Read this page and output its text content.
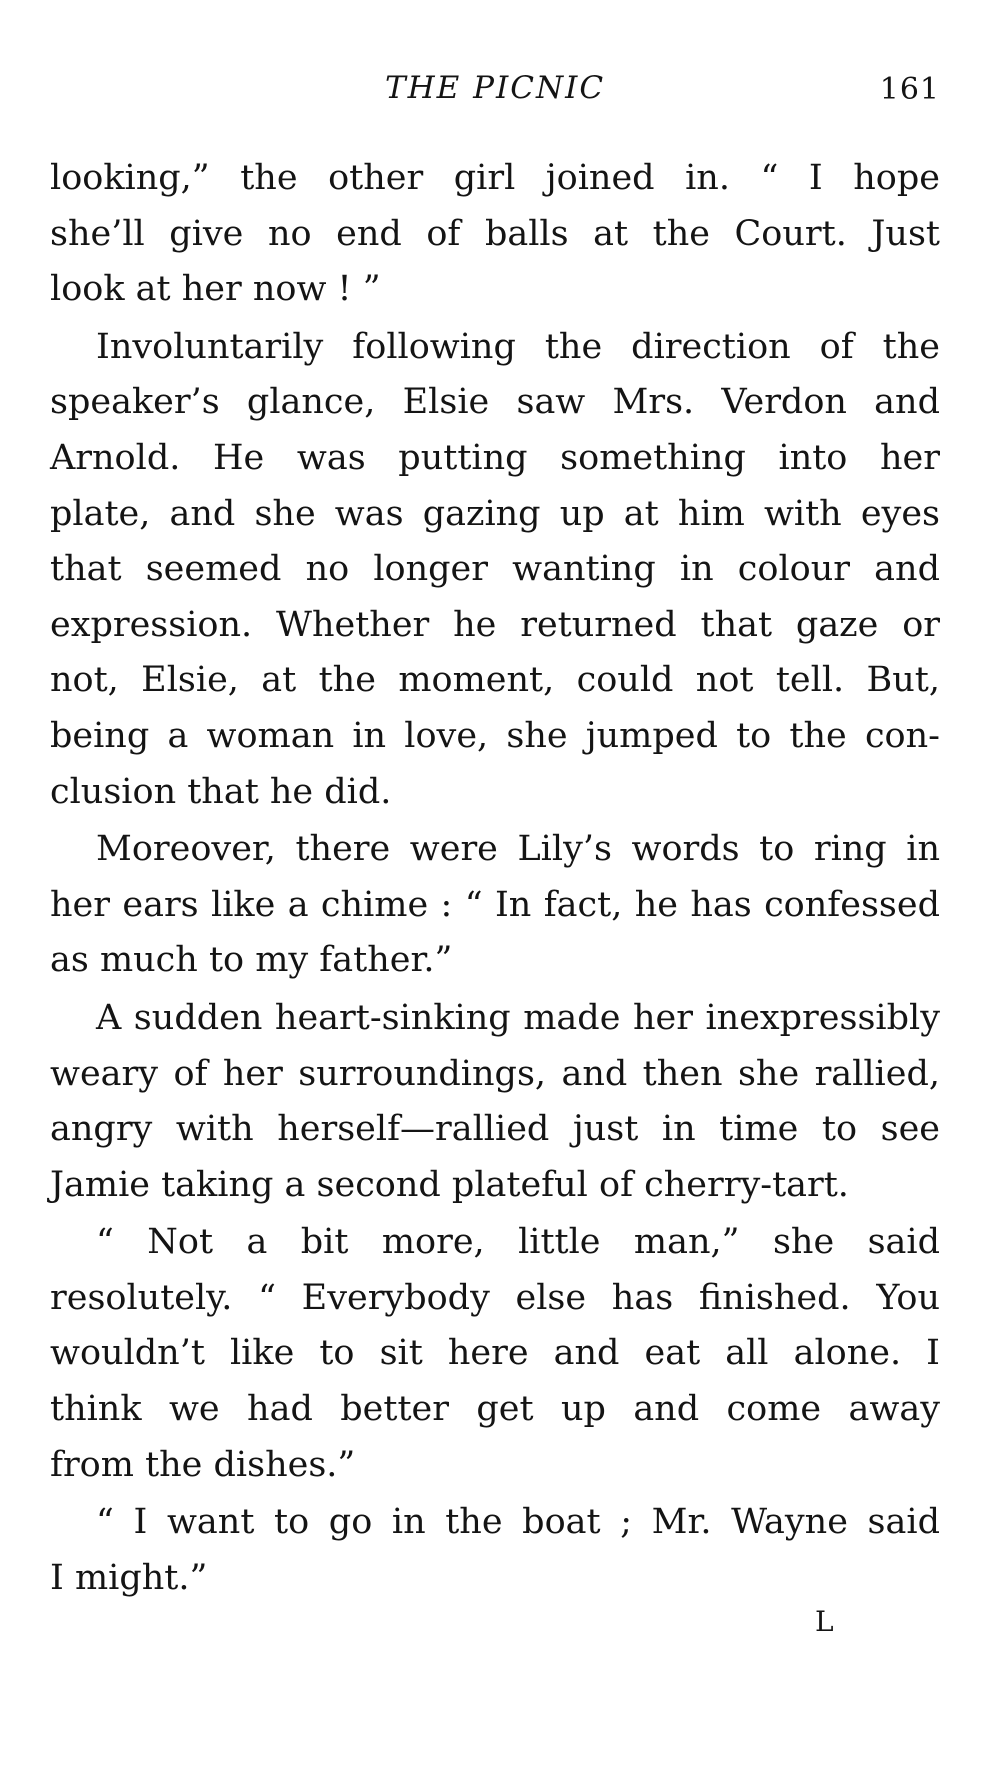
THE PICNIC	161
looking,” the other girl joined in. “ I hope
she’ll give no end of balls at the Court. Just
look at her now ! ”
Involuntarily following the direction of the
speaker’s glance, Elsie saw Mrs. Verdon and
Arnold. He was putting something into her
plate, and she was gazing up at him with eyes
that seemed no longer wanting in colour and
expression. Whether he returned that gaze or
not, Elsie, at the moment, could not tell. But,
being a woman in love, she jumped to the con-
clusion that he did.
Moreover, there were Lily’s words to ring in
her ears like a chime : “ In fact, he has confessed
as much to my father.”
A sudden heart-sinking made her inexpressibly
weary of her surroundings, and then she rallied,
angry with herself—rallied just in time to see
Jamie taking a second plateful of cherry-tart.
“ Not a bit more, little man,” she said
resolutely. “ Everybody else has finished. You
wouldn’t like to sit here and eat all alone. I
think we had better get up and come away
from the dishes.”
“ I want to go in the boat ; Mr. Wayne said
I might.”
L
